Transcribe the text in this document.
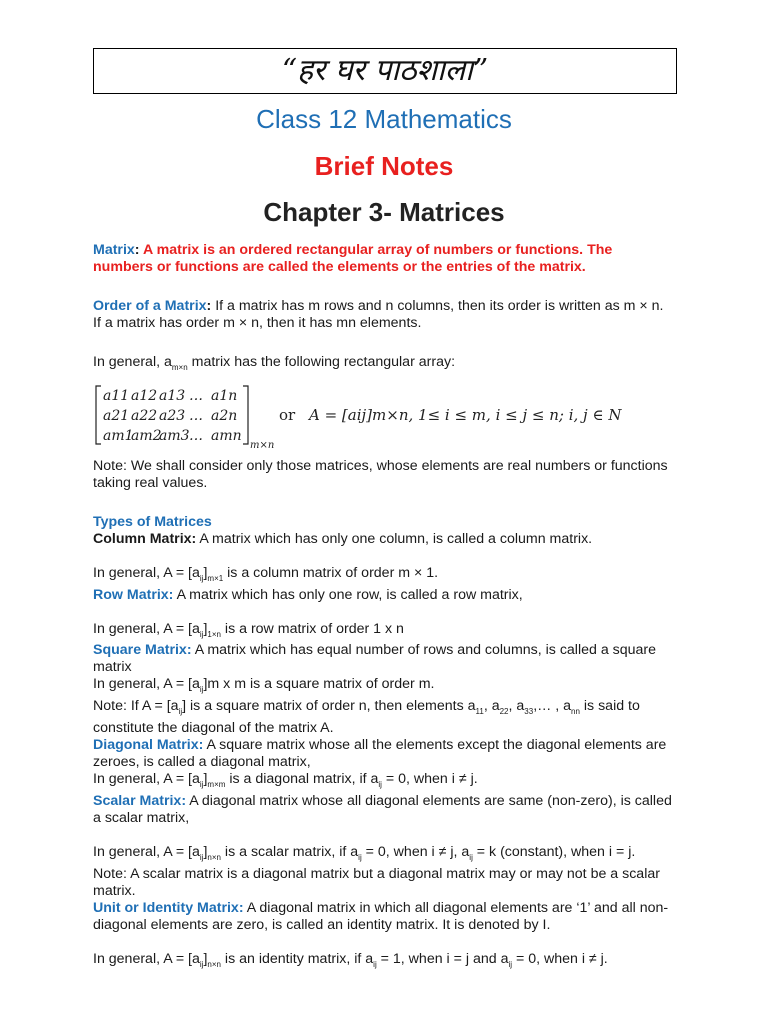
“हर घर पाठशाला”
Class 12 Mathematics
Brief Notes
Chapter 3- Matrices

Matrix: A matrix is an ordered rectangular array of numbers or functions. The numbers or functions are called the elements or the entries of the matrix.

Order of a Matrix: If a matrix has m rows and n columns, then its order is written as m × n. If a matrix has order m × n, then it has mn elements.

In general, $a_{m\times n}$ matrix has the following rectangular array:

a11 a12 a13 … a1n
a21 a22 a23 … a2n
am1
am2
am3 … amn
m×n
or A = [aij]m×n, 1≤ i ≤ m, i ≤ j ≤ n; i, j ∈ N

Note: We shall consider only those matrices, whose elements are real numbers or functions taking real values.

Types of Matrices

Column Matrix: A matrix which has only one column, is called a column matrix.

In general, $A = [a_{ij}]_{m\times 1}$ is a column matrix of order m × 1.

Row Matrix: A matrix which has only one row, is called a row matrix,

In general, $A = [a_{ij}]_{1\times n}$ is a row matrix of order 1 x n

Square Matrix: A matrix which has equal number of rows and columns, is called a square matrix

In general, $A = [a_{ij}]m$ x m is a square matrix of order m.

Note: If $A = [a_{ij}]$ is a square matrix of order n, then elements $a_{11}$, $a_{22}$, $a_{33},\dots$ , $a_{nn}$ is said to constitute the diagonal of the matrix A.

Diagonal Matrix: A square matrix whose all the elements except the diagonal elements are zeroes, is called a diagonal matrix,

In general, $A = [a_{ij}]_{m\times m}$ is a diagonal matrix, if $a_{ij} = 0$, when i ≠ j.

Scalar Matrix: A diagonal matrix whose all diagonal elements are same (non-zero), is called a scalar matrix,

In general, $A = [a_{ij}]_{n\times n}$ is a scalar matrix, if $a_{ij} = 0$, when i ≠ j, $a_{ij} = k$ (constant), when i = j.

Note: A scalar matrix is a diagonal matrix but a diagonal matrix may or may not be a scalar matrix.

Unit or Identity Matrix: A diagonal matrix in which all diagonal elements are ‘1’ and all non-diagonal elements are zero, is called an identity matrix. It is denoted by I.

In general, $A = [a_{ij}]_{n\times n}$ is an identity matrix, if $a_{ij} = 1$, when i = j and $a_{ij} = 0$, when i ≠ j.
